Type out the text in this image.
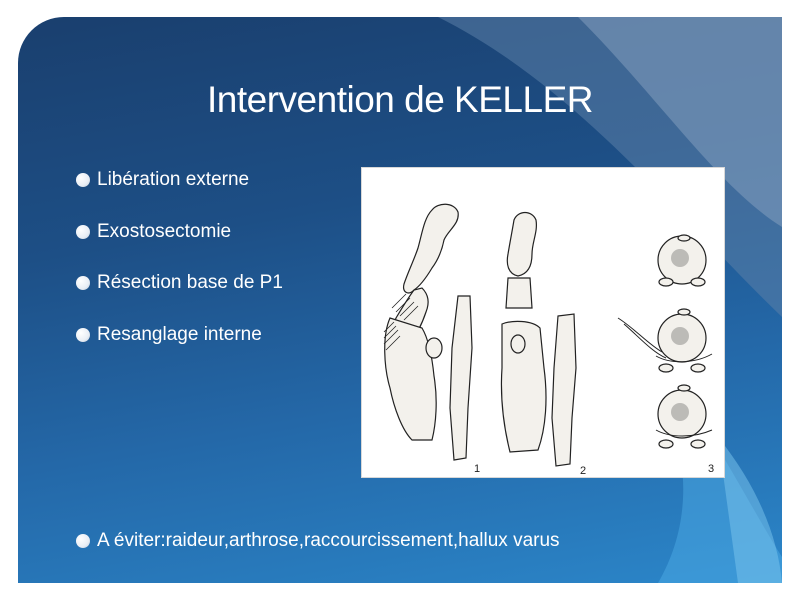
Intervention de KELLER
Libération externe
Exostosectomie
Résection base de P1
Resanglage interne
1	2	3
A éviter:raideur,arthrose,raccourcissement,hallux varus
